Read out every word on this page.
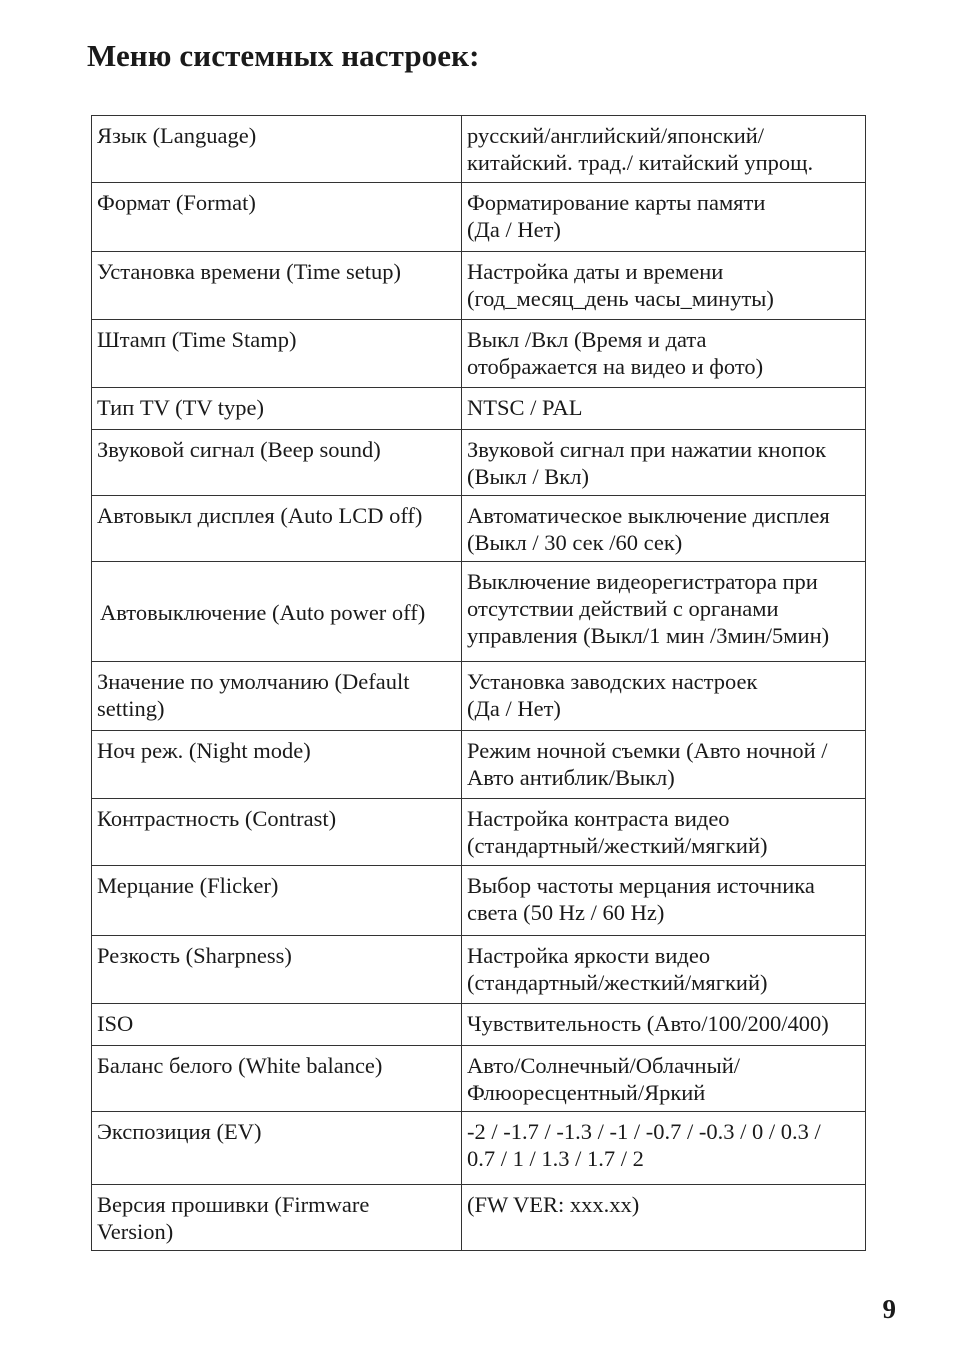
Меню системных настроек:
Язык (Language)	русский/английский/японский/
китайский. трад./ китайский упрощ.
Формат (Format)	Форматирование карты памяти
(Да / Нет)
Установка времени (Time setup)	Настройка даты и времени
(год_месяц_день часы_минуты)
Штамп (Time Stamp)	Выкл /Вкл (Время и дата
отображается на видео и фото)
Тип TV (TV type)	NTSC / PAL
Звуковой сигнал (Beep sound)	Звуковой сигнал при нажатии кнопок
(Выкл / Вкл)
Автовыкл дисплея (Auto LCD off)	Автоматическое выключение дисплея
(Выкл / 30 сек /60 сек)
Автовыключение (Auto power off)	Выключение видеорегистратора при
отсутствии действий с органами
управления (Выкл/1 мин /3мин/5мин)
Значение по умолчанию (Default
setting)	Установка заводских настроек
(Да / Нет)
Ноч реж. (Night mode)	Режим ночной съемки (Авто ночной /
Авто антиблик/Выкл)
Контрастность (Contrast)	Настройка контраста видео
(стандартный/жесткий/мягкий)
Мерцание (Flicker)	Выбор частоты мерцания источника
света (50 Hz / 60 Hz)
Резкость (Sharpness)	Настройка яркости видео
(стандартный/жесткий/мягкий)
ISO	Чувствительность (Авто/100/200/400)
Баланс белого (White balance)	Авто/Солнечный/Облачный/
Флюоресцентный/Яркий
Экспозиция (EV)	-2 / -1.7 / -1.3 / -1 / -0.7 / -0.3 / 0 / 0.3 /
0.7 / 1 / 1.3 / 1.7 / 2
Версия прошивки (Firmware
Version)	(FW VER: xxx.xx)
9
